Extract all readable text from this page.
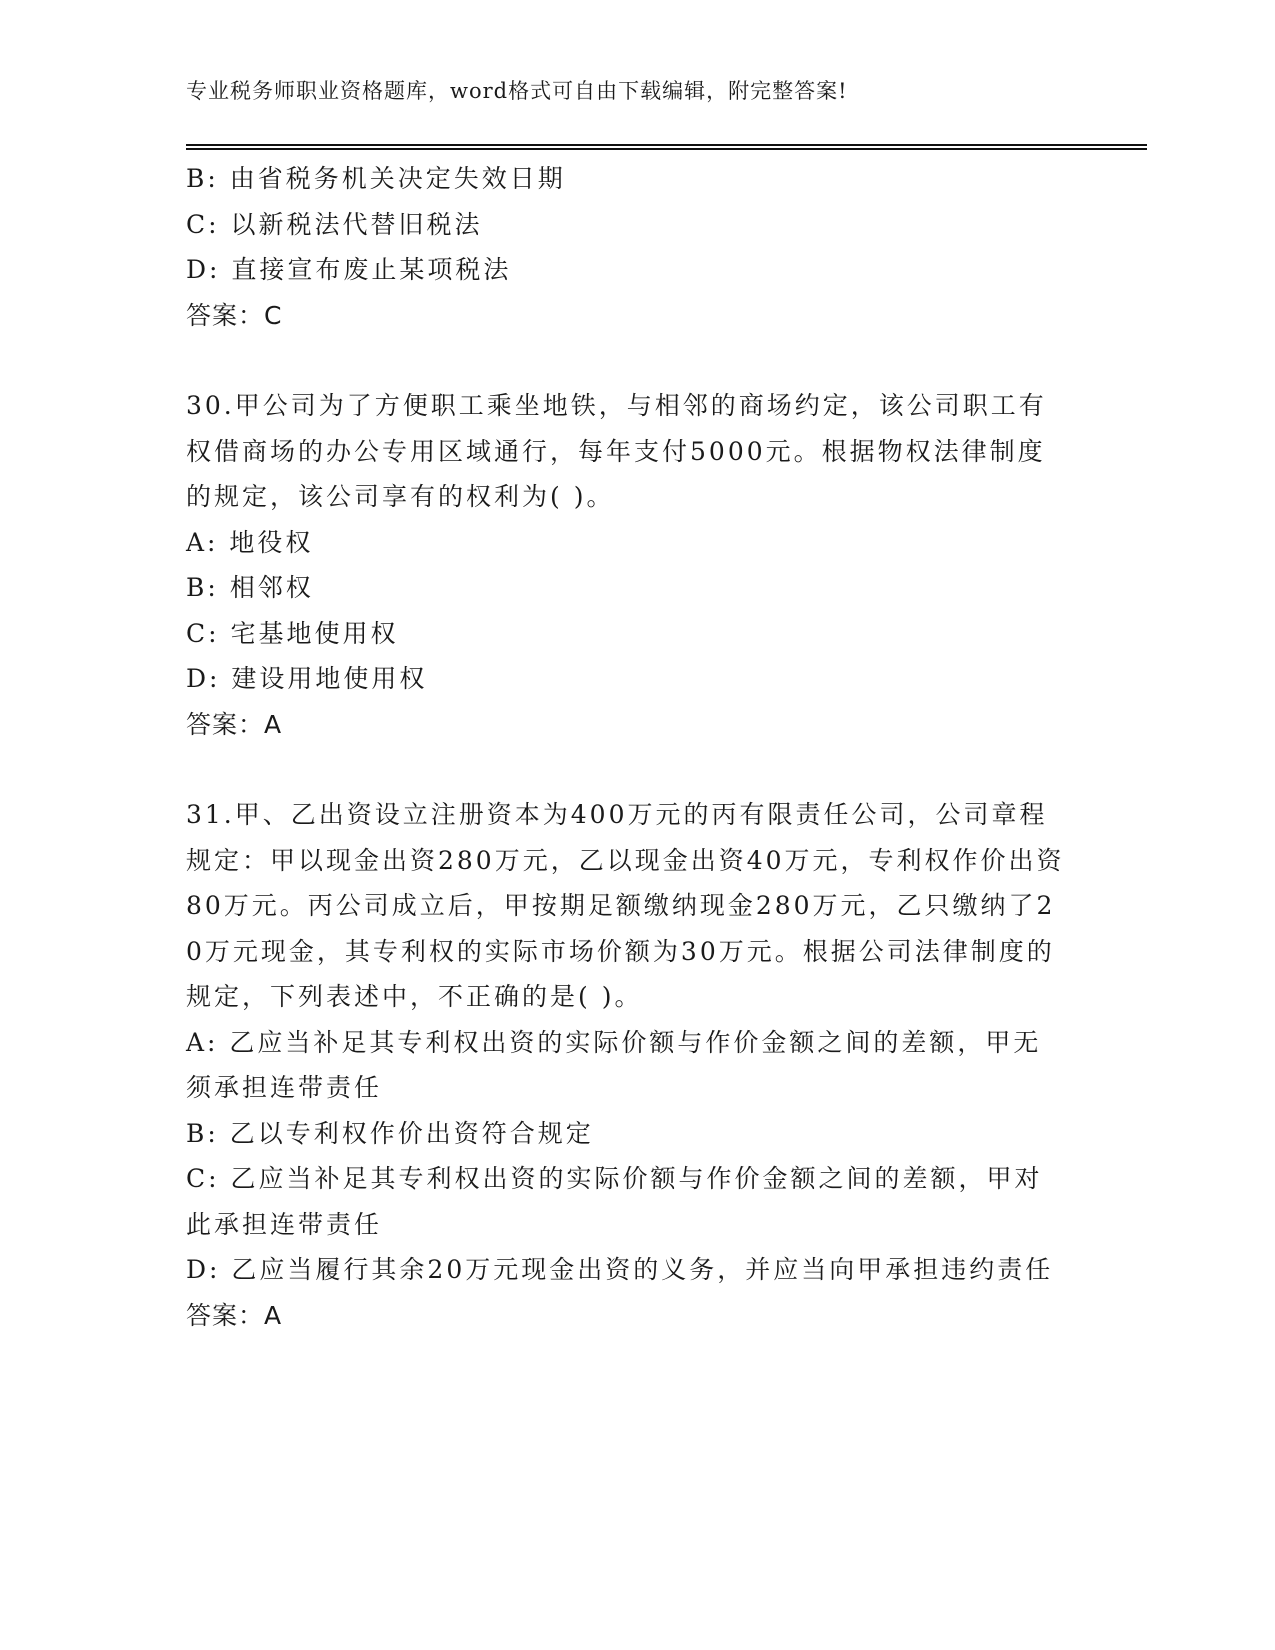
专业税务师职业资格题库，word格式可自由下载编辑，附完整答案!

B: 由省税务机关决定失效日期

C: 以新税法代替旧税法

D: 直接宣布废止某项税法

答案：C

30.甲公司为了方便职工乘坐地铁，与相邻的商场约定，该公司职工有权借商场的办公专用区域通行，每年支付5000元。根据物权法律制度的规定，该公司享有的权利为( )。

A: 地役权

B: 相邻权

C: 宅基地使用权

D: 建设用地使用权

答案：A

31.甲、乙出资设立注册资本为400万元的丙有限责任公司，公司章程规定：甲以现金出资280万元，乙以现金出资40万元，专利权作价出资80万元。丙公司成立后，甲按期足额缴纳现金280万元，乙只缴纳了20万元现金，其专利权的实际市场价额为30万元。根据公司法律制度的规定，下列表述中，不正确的是( )。

A: 乙应当补足其专利权出资的实际价额与作价金额之间的差额，甲无须承担连带责任

B: 乙以专利权作价出资符合规定

C: 乙应当补足其专利权出资的实际价额与作价金额之间的差额，甲对此承担连带责任

D: 乙应当履行其余20万元现金出资的义务，并应当向甲承担违约责任

答案：A
